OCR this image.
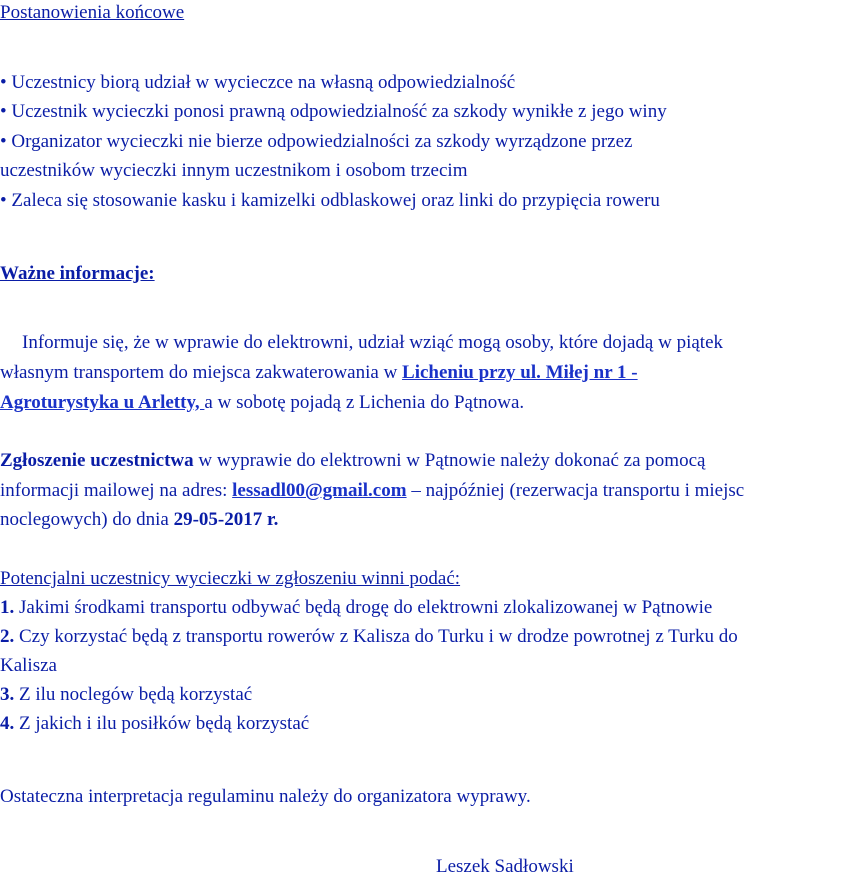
Postanowienia końcowe
• Uczestnicy biorą udział w wycieczce na własną odpowiedzialność
• Uczestnik wycieczki ponosi prawną odpowiedzialność za szkody wynikłe z jego winy
• Organizator wycieczki nie bierze odpowiedzialności za szkody wyrządzone przez
uczestników wycieczki innym uczestnikom i osobom trzecim
• Zaleca się stosowanie kasku i kamizelki odblaskowej oraz linki do przypięcia roweru
Ważne informacje:
Informuje się, że w wprawie do elektrowni, udział wziąć mogą osoby, które dojadą w piątek
własnym transportem do miejsca zakwaterowania w Licheniu przy ul. Miłej nr 1 -
Agroturystyka u Arletty, a w sobotę pojadą z Lichenia do Pątnowa.
Zgłoszenie uczestnictwa w wyprawie do elektrowni w Pątnowie należy dokonać za pomocą
informacji mailowej na adres: lessadl00@gmail.com – najpóźniej (rezerwacja transportu i miejsc
noclegowych) do dnia 29-05-2017 r.
Potencjalni uczestnicy wycieczki w zgłoszeniu winni podać:
1. Jakimi środkami transportu odbywać będą drogę do elektrowni zlokalizowanej w Pątnowie
2. Czy korzystać będą z transportu rowerów z Kalisza do Turku i w drodze powrotnej z Turku do
Kalisza
3. Z ilu noclegów będą korzystać
4. Z jakich i ilu posiłków będą korzystać
Ostateczna interpretacja regulaminu należy do organizatora wyprawy.
Leszek Sadłowski
